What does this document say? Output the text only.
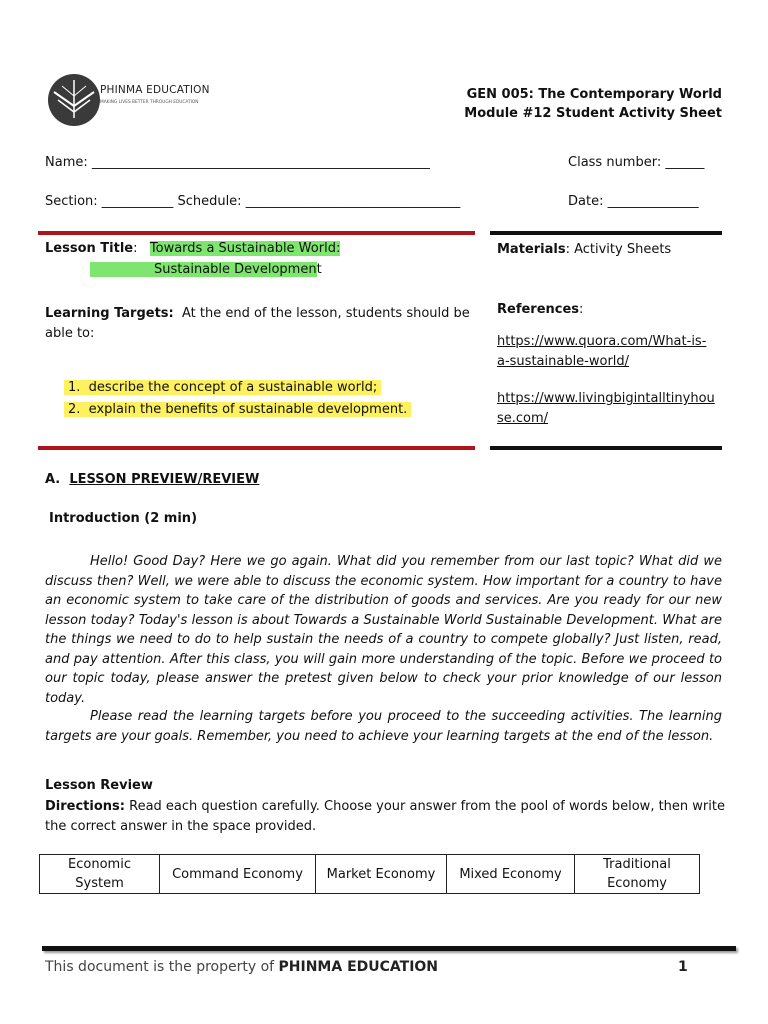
PHINMA EDUCATION
MAKING LIVES BETTER THROUGH EDUCATION
GEN 005: The Contemporary World
Module #12 Student Activity Sheet
Name: ____________________________________________________	Class number: ______
Section: ___________ Schedule: _________________________________	Date: ______________
Lesson Title:   Towards a Sustainable World:
Sustainable Development
Learning Targets: At the end of the lesson, students should be
able to:
1. describe the concept of a sustainable world;
2. explain the benefits of sustainable development.
Materials: Activity Sheets
References:
https://www.quora.com/What-is-
a-sustainable-world/
https://www.livingbigintalltinyhou
se.com/
A. LESSON PREVIEW/REVIEW
Introduction (2 min)
Hello! Good Day? Here we go again. What did you remember from our last topic? What did we discuss then? Well, we were able to discuss the economic system. How important for a country to have an economic system to take care of the distribution of goods and services. Are you ready for our new lesson today? Today's lesson is about Towards a Sustainable World Sustainable Development. What are the things we need to do to help sustain the needs of a country to compete globally? Just listen, read, and pay attention. After this class, you will gain more understanding of the topic. Before we proceed to our topic today, please answer the pretest given below to check your prior knowledge of our lesson today.
Please read the learning targets before you proceed to the succeeding activities. The learning targets are your goals. Remember, you need to achieve your learning targets at the end of the lesson.
Lesson Review
Directions: Read each question carefully. Choose your answer from the pool of words below, then write the correct answer in the space provided.
Economic
System	Command Economy	Market Economy	Mixed Economy	Traditional
Economy
This document is the property of PHINMA EDUCATION	1
